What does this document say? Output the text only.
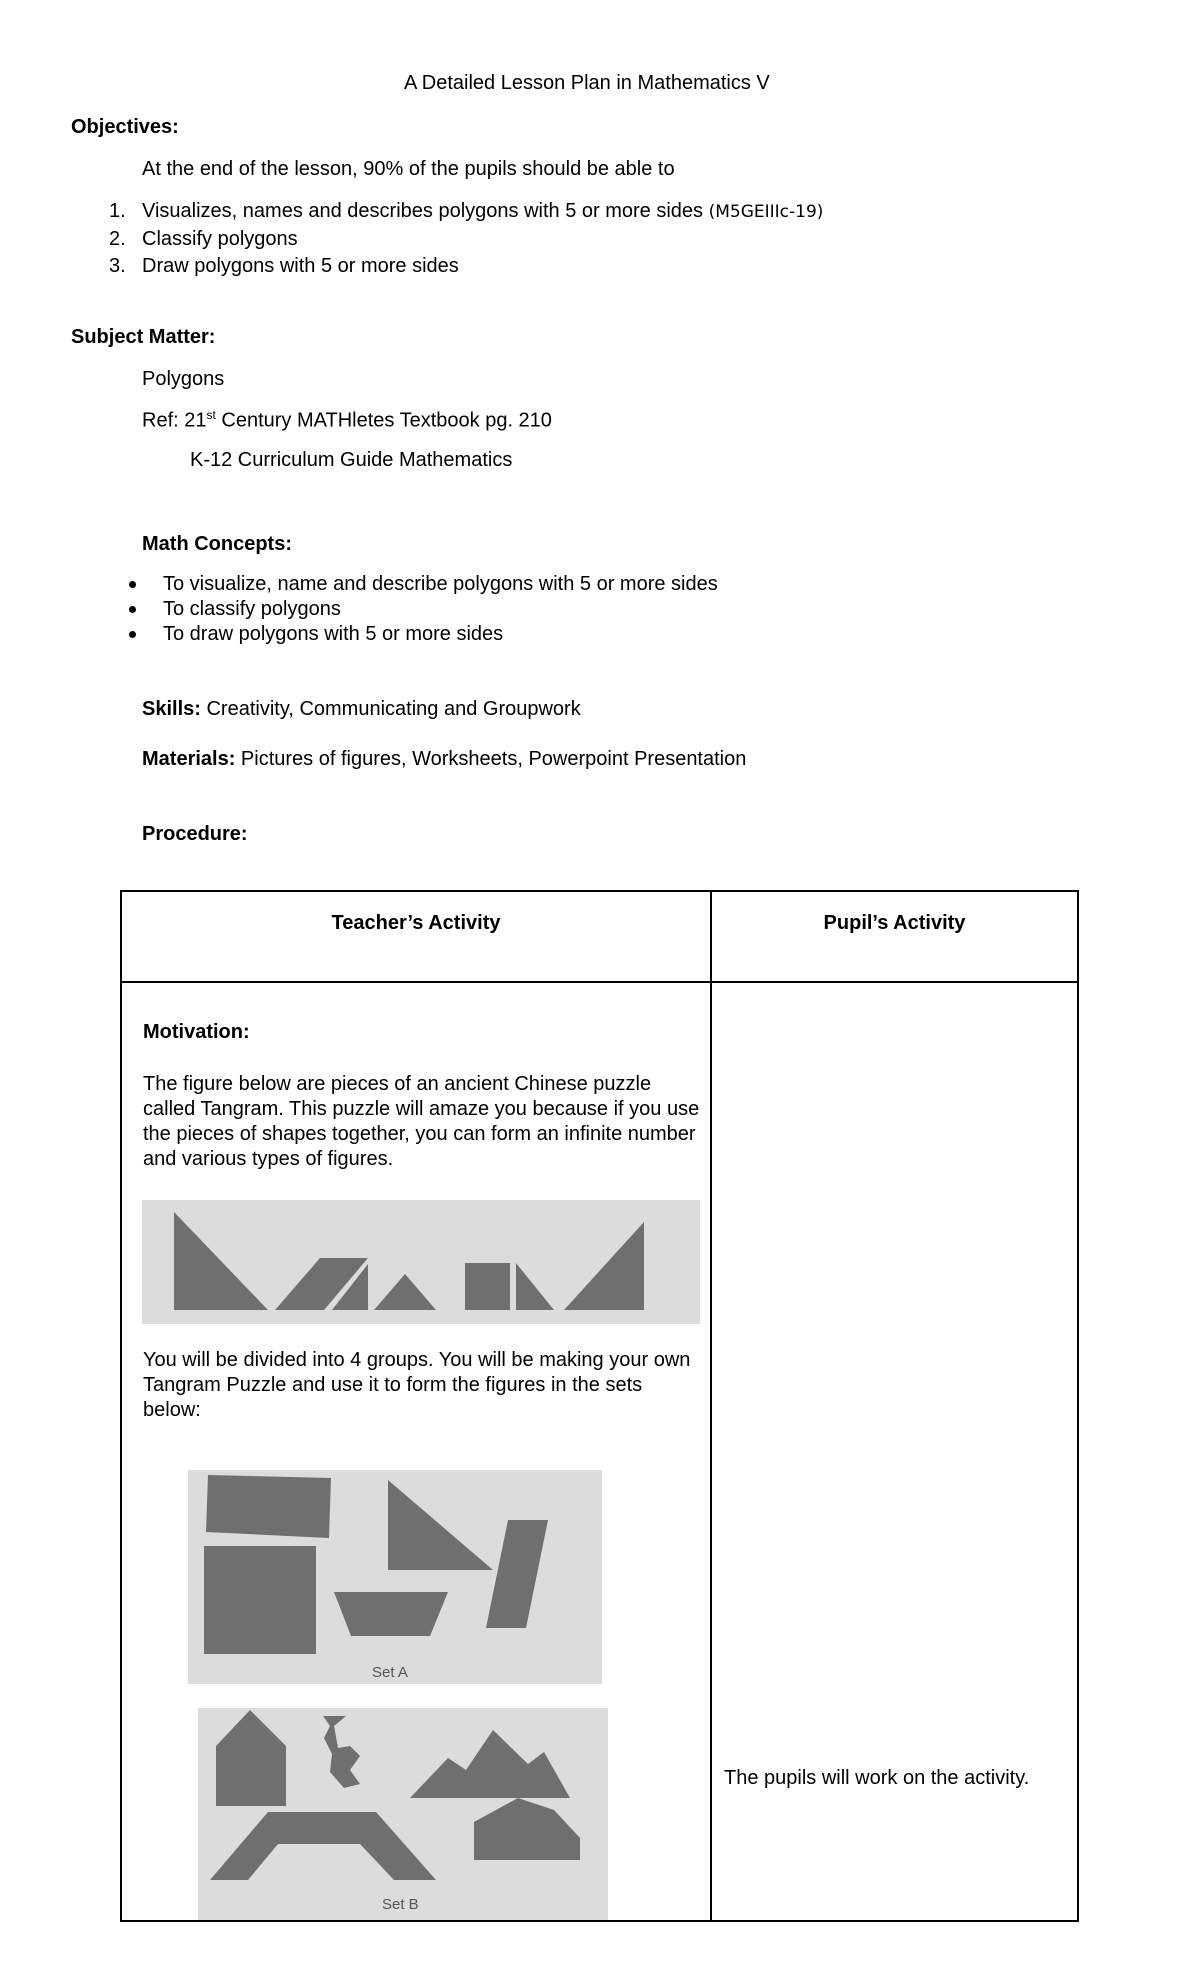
A Detailed Lesson Plan in Mathematics V
Objectives:
At the end of the lesson, 90% of the pupils should be able to
1. Visualizes, names and describes polygons with 5 or more sides (M5GEIIIc-19)
2. Classify polygons
3. Draw polygons with 5 or more sides
Subject Matter:
Polygons
Ref: 21st Century MATHletes Textbook pg. 210
K-12 Curriculum Guide Mathematics
Math Concepts:
To visualize, name and describe polygons with 5 or more sides
To classify polygons
To draw polygons with 5 or more sides
Skills: Creativity, Communicating and Groupwork
Materials: Pictures of figures, Worksheets, Powerpoint Presentation
Procedure:
Teacher’s Activity	Pupil’s Activity
Motivation:
The figure below are pieces of an ancient Chinese puzzle called Tangram. This puzzle will amaze you because if you use the pieces of shapes together, you can form an infinite number and various types of figures.
You will be divided into 4 groups. You will be making your own Tangram Puzzle and use it to form the figures in the sets below:
Set A
Set B
The pupils will work on the activity.
